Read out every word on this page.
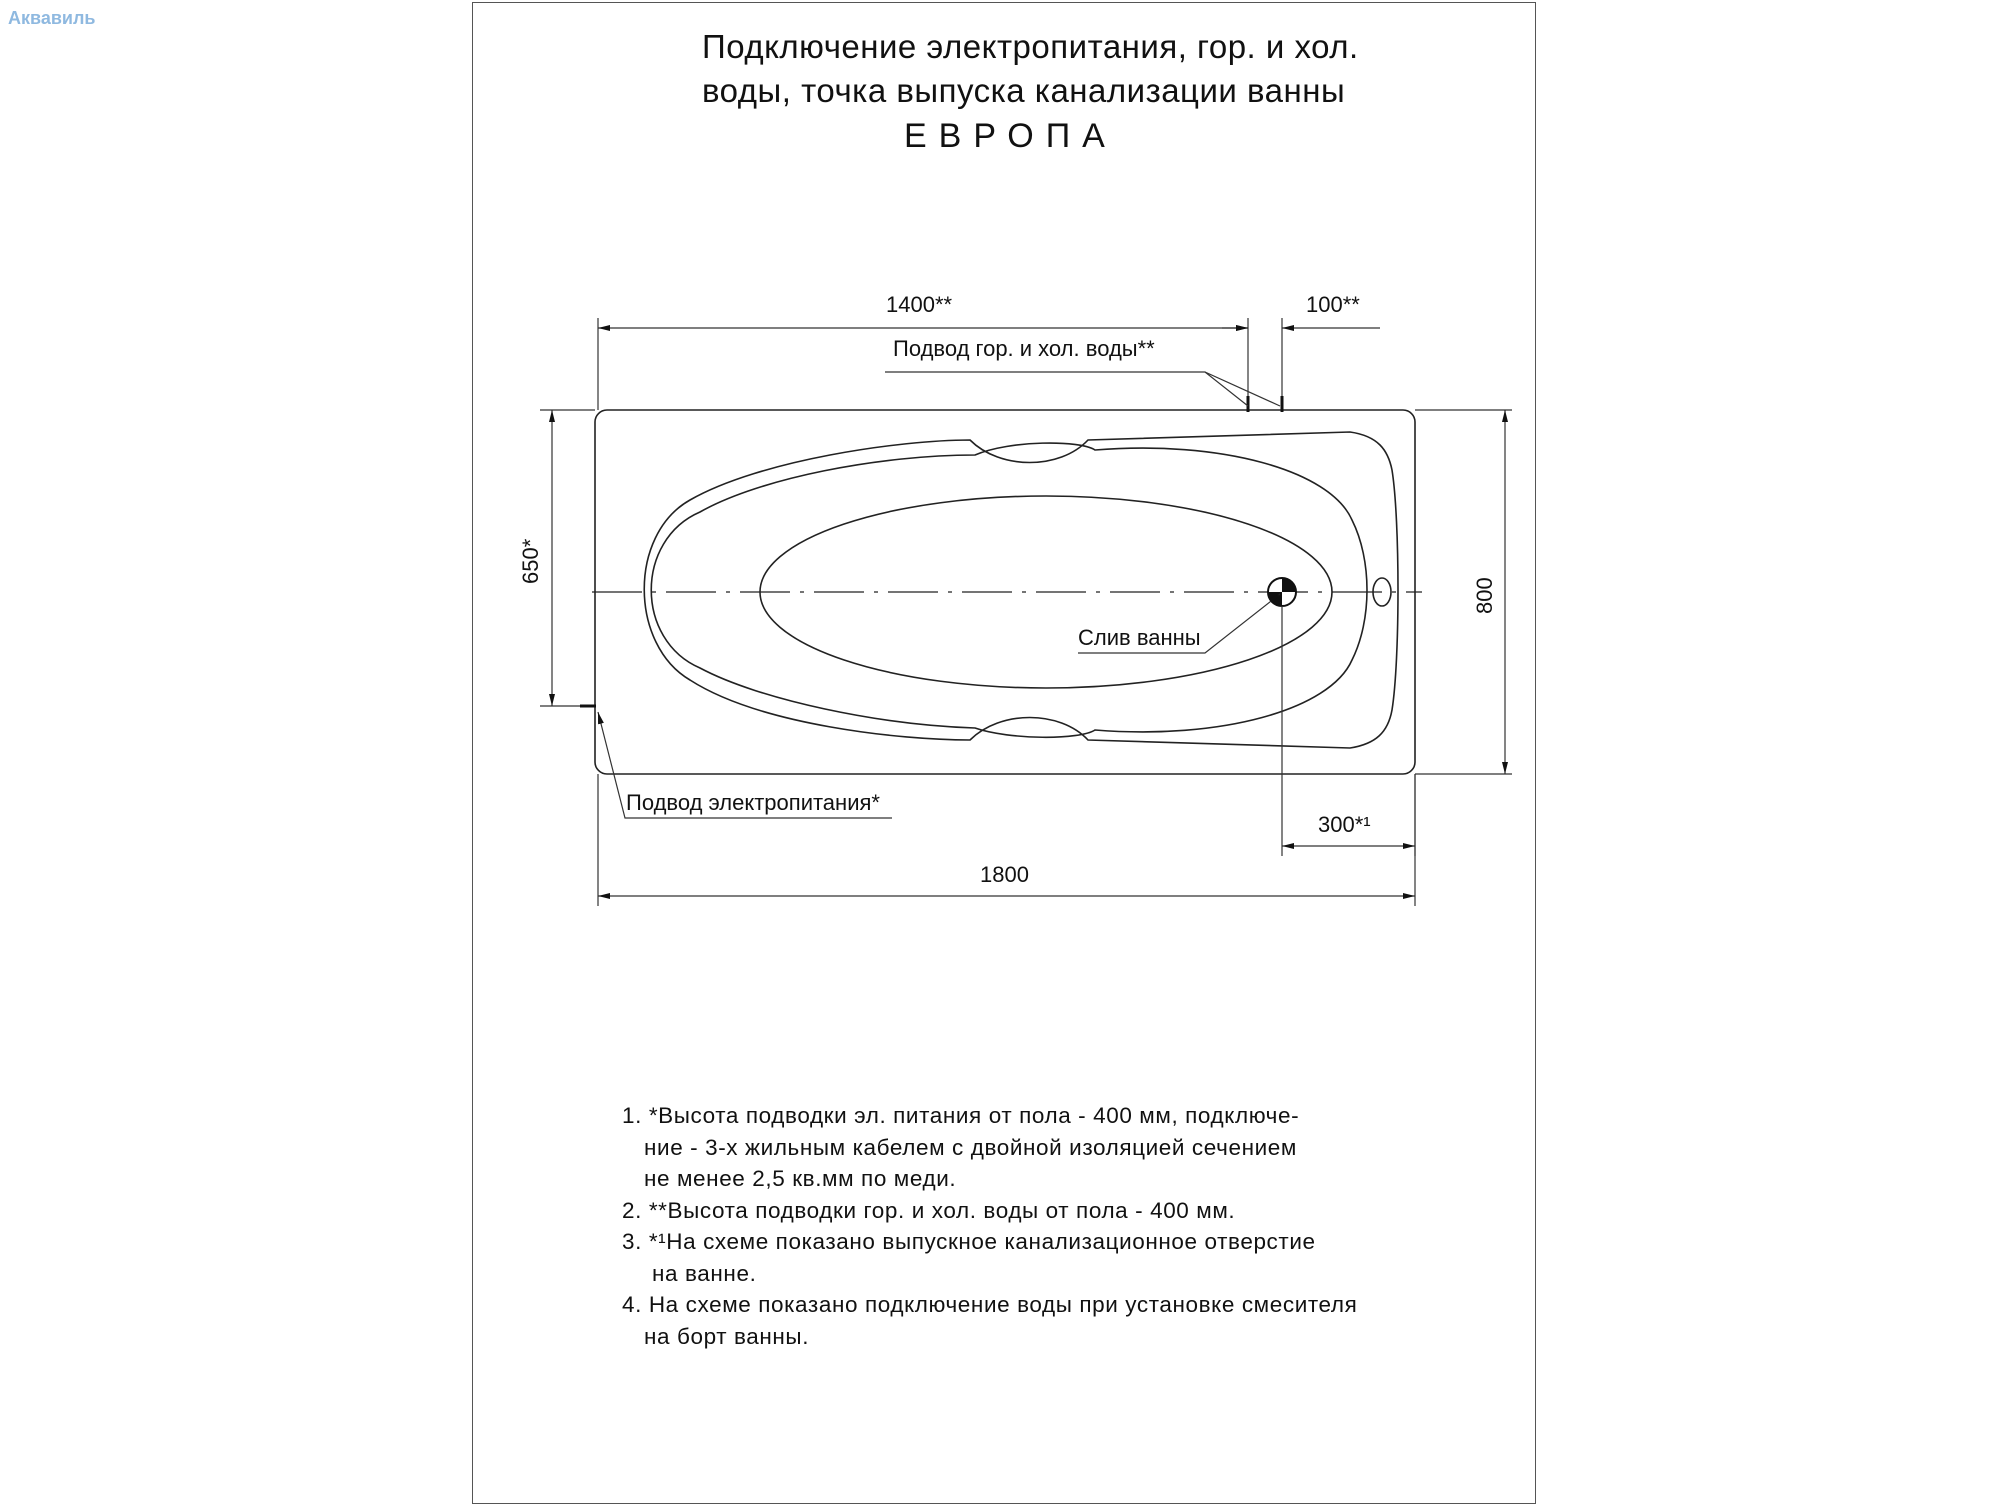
Аквавиль
Подключение электропитания, гор. и хол.
воды, точка выпуска канализации ванны
ЕВРОПА
1400**	100**
650*
800
300*¹
1800
Подвод гор. и хол. воды**
Слив ванны
Подвод электропитания*
1. *Высота подводки эл. питания от пола - 400 мм, подключе-
ние - 3-х жильным кабелем с двойной изоляцией сечением
не менее 2,5 кв.мм по меди.
2. **Высота подводки гор. и хол. воды от пола - 400 мм.
3. *¹На схеме показано выпускное канализационное отверстие
на ванне.
4. На схеме показано подключение воды при установке смесителя
на борт ванны.
